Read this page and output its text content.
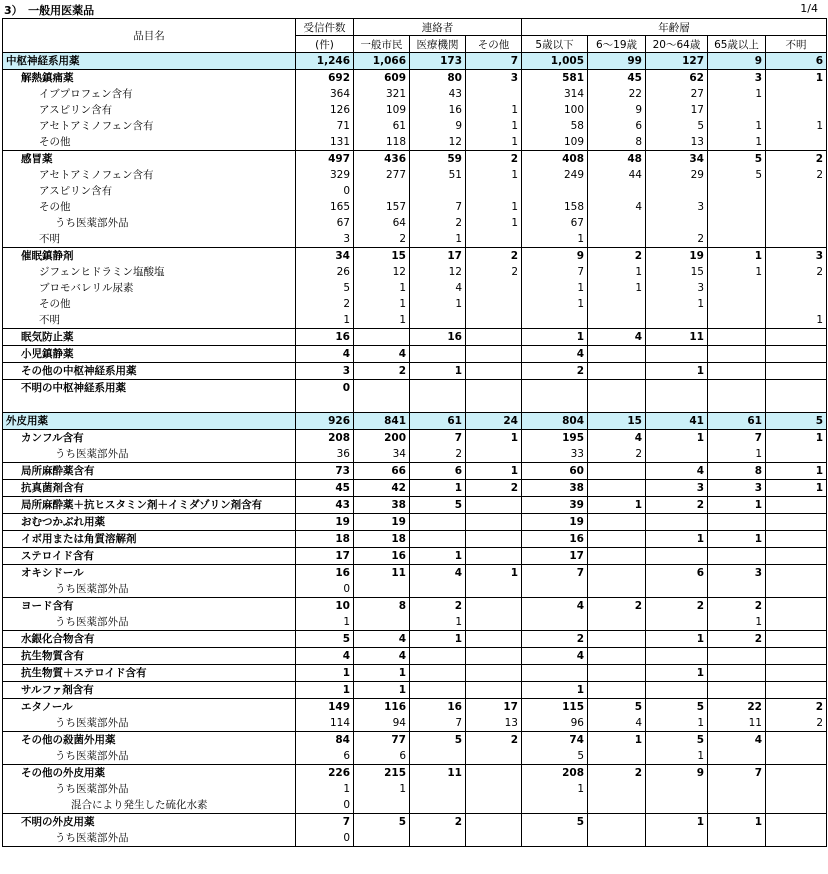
3）　一般用医薬品	1/4
品目名	受信件数	連絡者			年齢層				
	(件)	一般市民	医療機関	その他	5歳以下	6～19歳	20～64歳	65歳以上	不明
中枢神経系用薬	1,246	1,066	173	7	1,005	99	127	9	6
解熱鎮痛薬	692	609	80	3	581	45	62	3	1
イブプロフェン含有	364	321	43		314	22	27	1	
アスピリン含有	126	109	16	1	100	9	17		
アセトアミノフェン含有	71	61	9	1	58	6	5	1	1
その他	131	118	12	1	109	8	13	1	
感冒薬	497	436	59	2	408	48	34	5	2
アセトアミノフェン含有	329	277	51	1	249	44	29	5	2
アスピリン含有	0								
その他	165	157	7	1	158	4	3		
うち医薬部外品	67	64	2	1	67				
不明	3	2	1		1		2		
催眠鎮静剤	34	15	17	2	9	2	19	1	3
ジフェンヒドラミン塩酸塩	26	12	12	2	7	1	15	1	2
ブロモバレリル尿素	5	1	4		1	1	3		
その他	2	1	1		1		1		
不明	1	1							1
眠気防止薬	16		16		1	4	11		
小児鎮静薬	4	4			4				
その他の中枢神経系用薬	3	2	1		2		1		
不明の中枢神経系用薬	0								

外皮用薬	926	841	61	24	804	15	41	61	5
カンフル含有	208	200	7	1	195	4	1	7	1
うち医薬部外品	36	34	2		33	2		1	
局所麻酔薬含有	73	66	6	1	60		4	8	1
抗真菌剤含有	45	42	1	2	38		3	3	1
局所麻酔薬＋抗ヒスタミン剤＋イミダゾリン剤含有	43	38	5		39	1	2	1	
おむつかぶれ用薬	19	19			19				
イボ用または角質溶解剤	18	18			16		1	1	
ステロイド含有	17	16	1		17				
オキシドール	16	11	4	1	7		6	3	
うち医薬部外品	0								
ヨード含有	10	8	2		4	2	2	2	
うち医薬部外品	1		1					1	
水銀化合物含有	5	4	1		2		1	2	
抗生物質含有	4	4			4				
抗生物質＋ステロイド含有	1	1					1		
サルファ剤含有	1	1			1				
エタノール	149	116	16	17	115	5	5	22	2
うち医薬部外品	114	94	7	13	96	4	1	11	2
その他の殺菌外用薬	84	77	5	2	74	1	5	4	
うち医薬部外品	6	6			5		1		
その他の外皮用薬	226	215	11		208	2	9	7	
うち医薬部外品	1	1			1				
混合により発生した硫化水素	0								
不明の外皮用薬	7	5	2		5		1	1	
うち医薬部外品	0								
